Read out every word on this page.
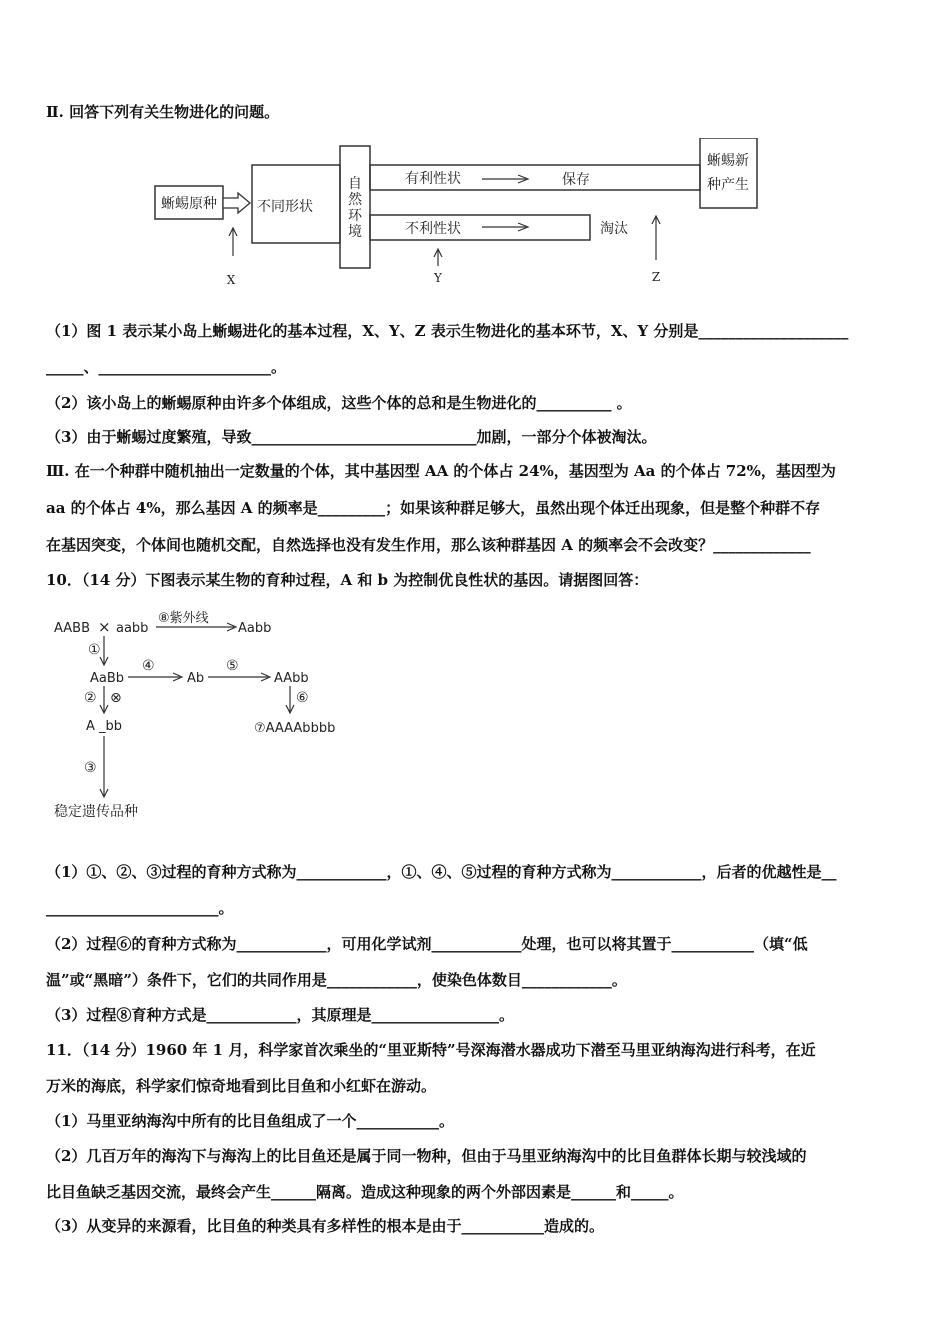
Ⅱ. 回答下列有关生物进化的问题。
蜥蜴原种	不同形状
自
然
环
境
有利性状	保存
不利性状	淘汰
蜥蜴新
种产生
X	Y	Z
（1）图 1 表示某小岛上蜥蜴进化的基本过程，X、Y、Z 表示生物进化的基本环节，X、Y 分别是____________________
_____、_______________________。
（2）该小岛上的蜥蜴原种由许多个体组成，这些个体的总和是生物进化的__________ 。
（3）由于蜥蜴过度繁殖，导致______________________________加剧，一部分个体被淘汰。
Ⅲ. 在一个种群中随机抽出一定数量的个体，其中基因型 AA 的个体占 24%，基因型为 Aa 的个体占 72%，基因型为
aa 的个体占 4%，那么基因 A 的频率是_________；如果该种群足够大，虽然出现个体迁出现象，但是整个种群不存
在基因突变，个体间也随机交配，自然选择也没有发生作用，那么该种群基因 A 的频率会不会改变？_____________
10．（14 分）下图表示某生物的育种过程，A 和 b 为控制优良性状的基因。请据图回答：
AABB × aabb
⑧紫外线
Aabb
①
AaBb
④
Ab
⑤
AAbb
⑥
⑦AAAAbbbb
② ⊗
A _bb
③
稳定遗传品种
（1）①、②、③过程的育种方式称为____________，①、④、⑤过程的育种方式称为____________，后者的优越性是__
_______________________。
（2）过程⑥的育种方式称为____________，可用化学试剂____________处理，也可以将其置于___________（填“低
温”或“黑暗”）条件下，它们的共同作用是____________，使染色体数目____________。
（3）过程⑧育种方式是____________，其原理是_________________。
11．（14 分）1960 年 1 月，科学家首次乘坐的“里亚斯特”号深海潜水器成功下潜至马里亚纳海沟进行科考，在近
万米的海底，科学家们惊奇地看到比目鱼和小红虾在游动。
（1）马里亚纳海沟中所有的比目鱼组成了一个___________。
（2）几百万年的海沟下与海沟上的比目鱼还是属于同一物种，但由于马里亚纳海沟中的比目鱼群体长期与较浅域的
比目鱼缺乏基因交流，最终会产生______隔离。造成这种现象的两个外部因素是______和_____。
（3）从变异的来源看，比目鱼的种类具有多样性的根本是由于___________造成的。
